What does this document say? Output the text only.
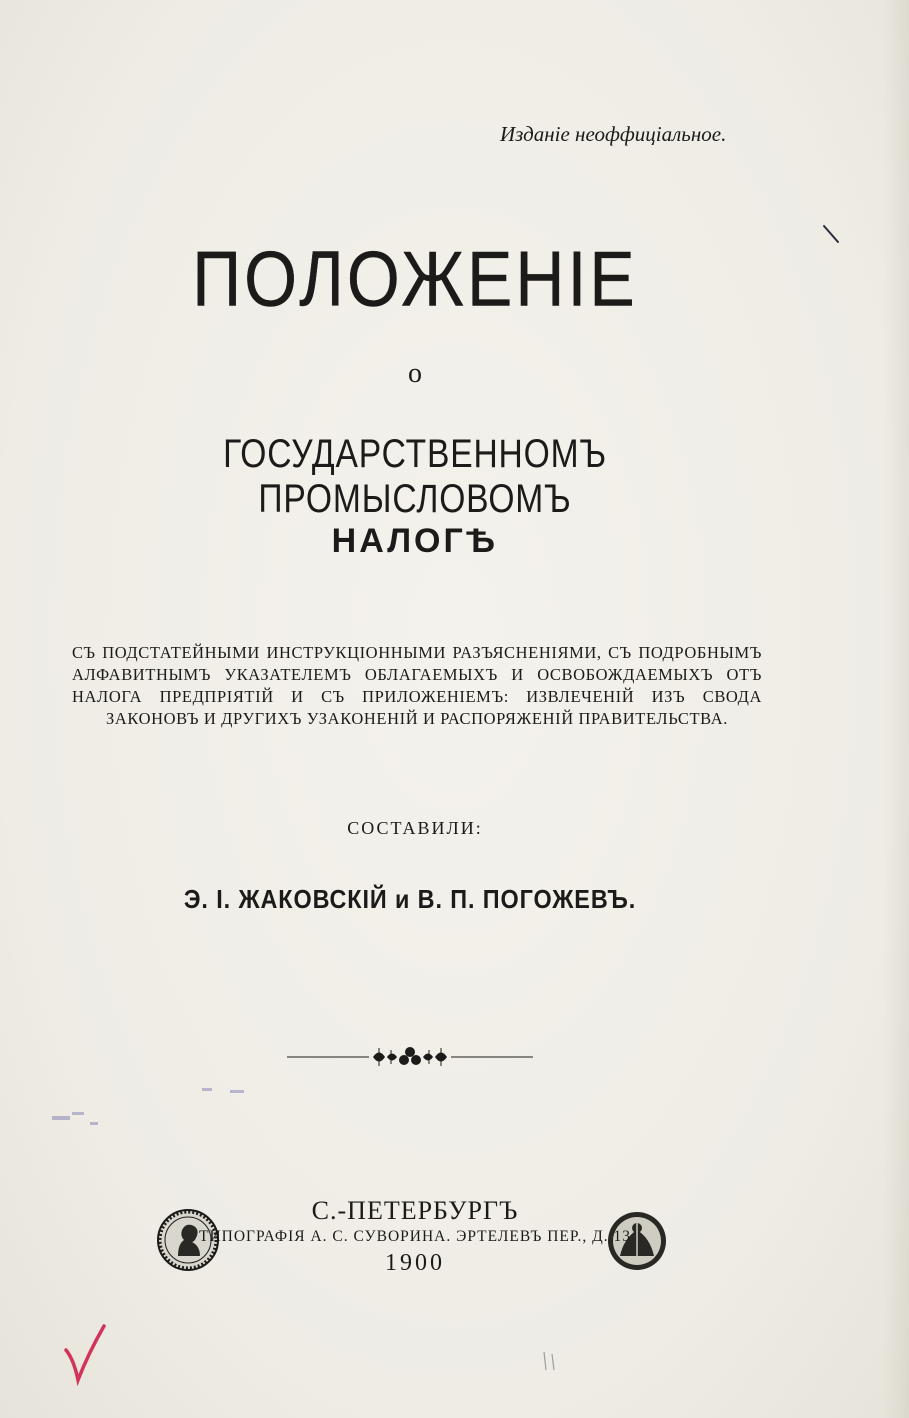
Изданіе неоффиціальное.
ПОЛОЖЕНІЕ
о
ГОСУДАРСТВЕННОМЪ ПРОМЫСЛОВОМЪ
НАЛОГѢ
СЪ ПОДСТАТЕЙНЫМИ ИНСТРУКЦІОННЫМИ РАЗЪЯСНЕНІЯМИ, СЪ ПОДРОБНЫМЪ АЛФАВИТНЫМЪ УКАЗАТЕЛЕМЪ ОБЛАГАЕМЫХЪ И ОСВОБОЖДАЕМЫХЪ ОТЪ НАЛОГА ПРЕДПРІЯТІЙ И СЪ ПРИЛОЖЕНІЕМЪ: ИЗВЛЕЧЕНІЙ ИЗЪ СВОДА ЗАКОНОВЪ И ДРУГИХЪ УЗАКОНЕНІЙ И РАСПОРЯЖЕНІЙ ПРАВИТЕЛЬСТВА.
СОСТАВИЛИ:
Э. І. ЖАКОВСКІЙ и В. П. ПОГОЖЕВЪ.
С.-ПЕТЕРБУРГЪ
ТИПОГРАФІЯ А. С. СУВОРИНА. ЭРТЕЛЕВЪ ПЕР., Д. 13
1900
